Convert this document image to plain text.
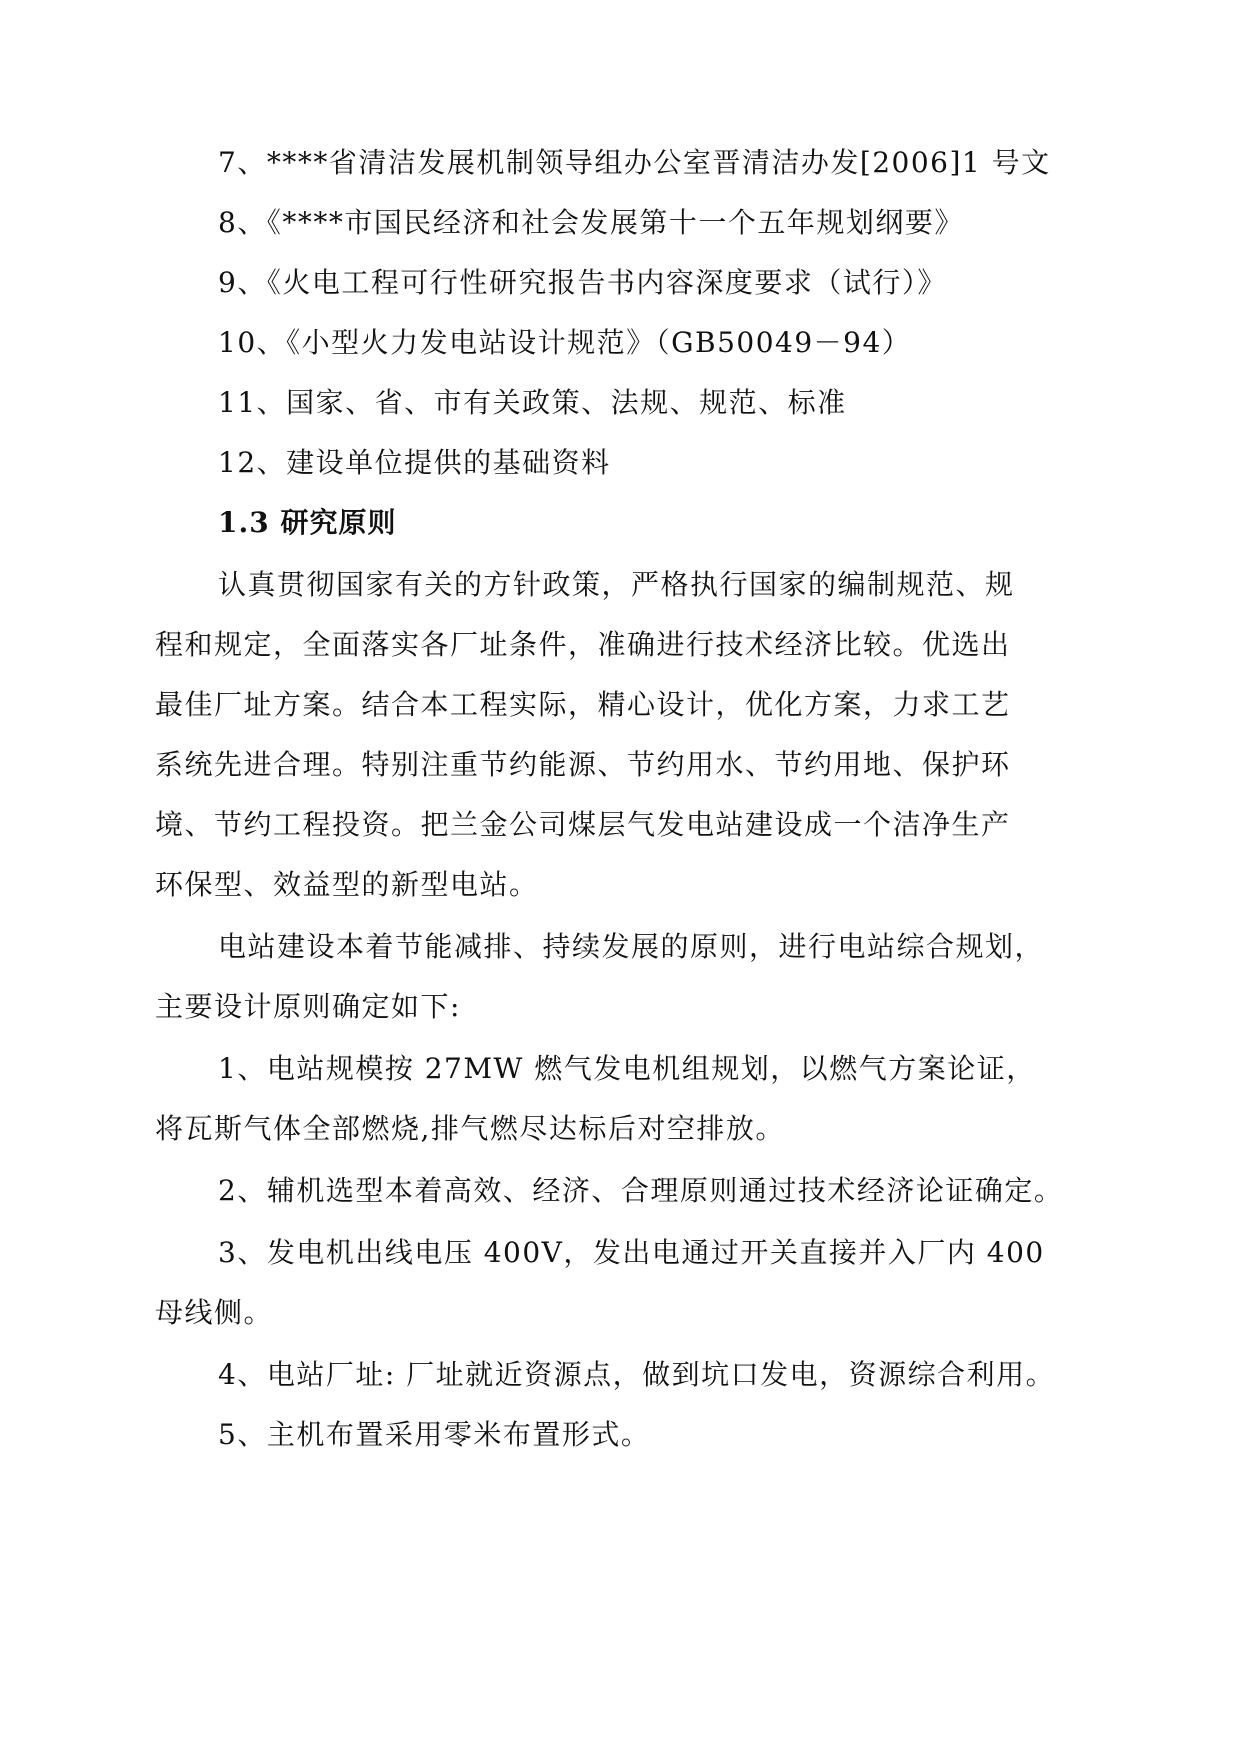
7、****省清洁发展机制领导组办公室晋清洁办发[2006]1 号文
8、《****市国民经济和社会发展第十一个五年规划纲要》
9、《火电工程可行性研究报告书内容深度要求（试行）》
10、《小型火力发电站设计规范》（GB50049－94）
11、国家、省、市有关政策、法规、规范、标准
12、建设单位提供的基础资料
1.3 研究原则
认真贯彻国家有关的方针政策，严格执行国家的编制规范、规
程和规定，全面落实各厂址条件，准确进行技术经济比较。优选出
最佳厂址方案。结合本工程实际，精心设计，优化方案，力求工艺
系统先进合理。特别注重节约能源、节约用水、节约用地、保护环
境、节约工程投资。把兰金公司煤层气发电站建设成一个洁净生产
环保型、效益型的新型电站。
电站建设本着节能减排、持续发展的原则，进行电站综合规划，
主要设计原则确定如下:
1、电站规模按 27MW 燃气发电机组规划，以燃气方案论证，
将瓦斯气体全部燃烧,排气燃尽达标后对空排放。
2、辅机选型本着高效、经济、合理原则通过技术经济论证确定。
3、发电机出线电压 400V，发出电通过开关直接并入厂内 400
母线侧。
4、电站厂址: 厂址就近资源点，做到坑口发电，资源综合利用。
5、主机布置采用零米布置形式。
